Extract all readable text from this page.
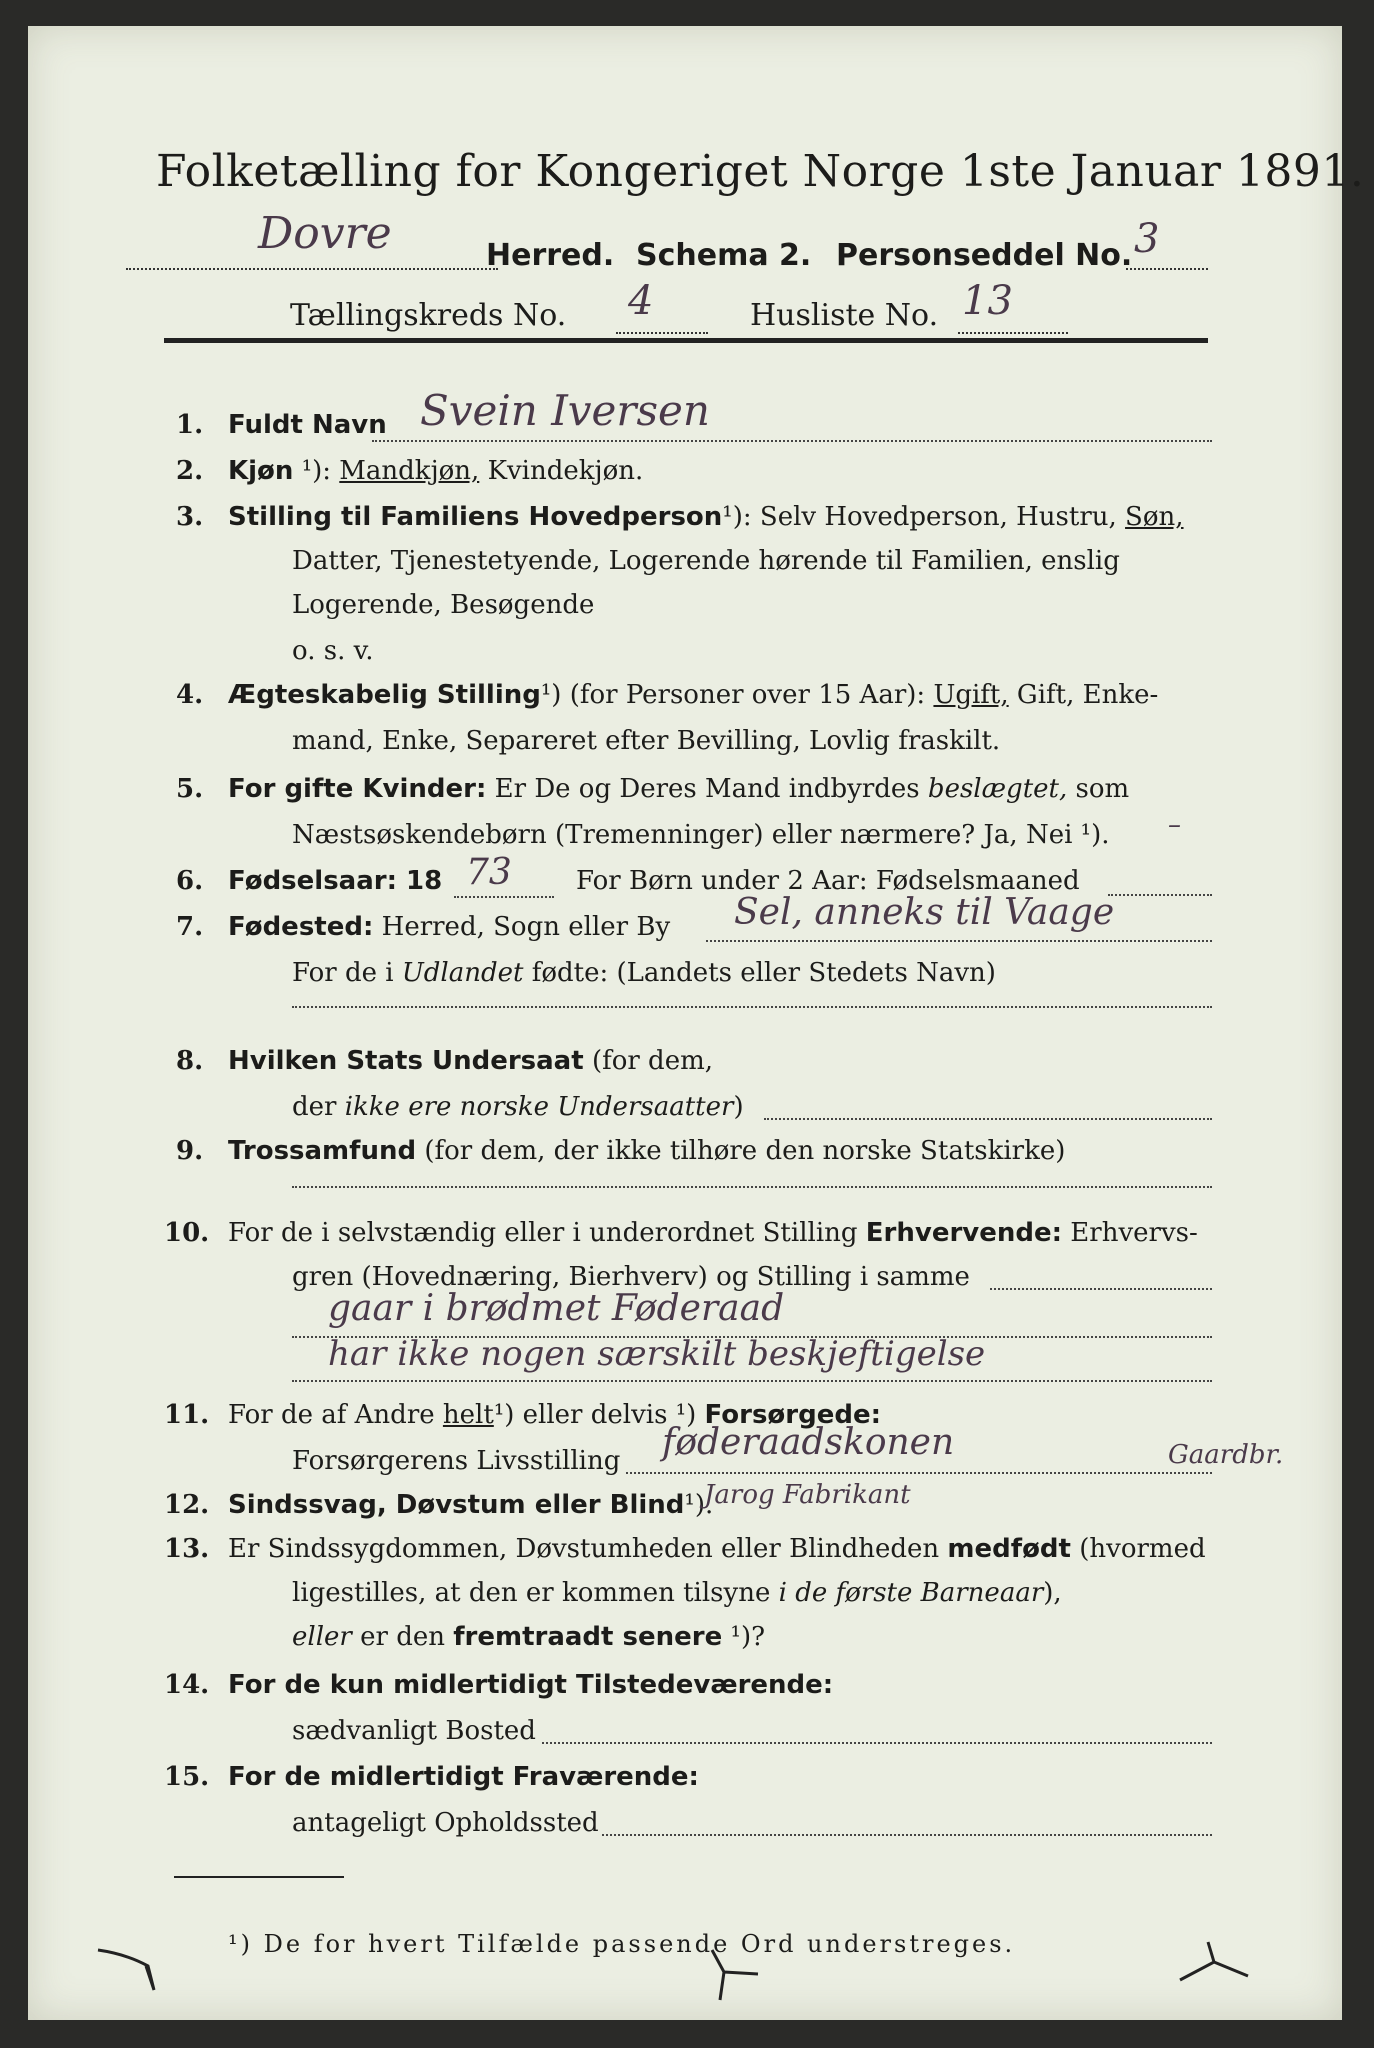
Folketælling for Kongeriget Norge 1ste Januar 1891.
Dovre	Herred. Schema 2. Personseddel No. 3
Tællingskreds No. 4	Husliste No. 13
1. Fuldt Navn Svein Iversen
2. Kjøn ¹): Mandkjøn, Kvindekjøn.
3. Stilling til Familiens Hovedperson¹): Selv Hovedperson, Hustru, Søn,
Datter, Tjenestetyende, Logerende hørende til Familien, enslig
Logerende, Besøgende
o. s. v.
4. Ægteskabelig Stilling¹) (for Personer over 15 Aar): Ugift, Gift, Enke-
mand, Enke, Separeret efter Bevilling, Lovlig fraskilt.
5. For gifte Kvinder: Er De og Deres Mand indbyrdes beslægtet, som
Næstsøskendebørn (Tremenninger) eller nærmere? Ja, Nei ¹). –
6. Fødselsaar: 18 73 For Børn under 2 Aar: Fødselsmaaned
7. Fødested: Herred, Sogn eller By Sel, anneks til Vaage
For de i Udlandet fødte: (Landets eller Stedets Navn)
8. Hvilken Stats Undersaat (for dem,
der ikke ere norske Undersaatter)
9. Trossamfund (for dem, der ikke tilhøre den norske Statskirke)
10. For de i selvstændig eller i underordnet Stilling Erhvervende: Erhvervs-
gren (Hovednæring, Bierhverv) og Stilling i samme
gaar i brødmet Føderaad
har ikke nogen særskilt beskjeftigelse
11. For de af Andre helt¹) eller delvis ¹) Forsørgede:
Forsørgerens Livsstilling føderaadskonen	Gaardbr.
12. Sindssvag, Døvstum eller Blind¹).
Jarog Fabrikant
13. Er Sindssygdommen, Døvstumheden eller Blindheden medfødt (hvormed
ligestilles, at den er kommen tilsyne i de første Barneaar),
eller er den fremtraadt senere ¹)?
14. For de kun midlertidigt Tilstedeværende:
sædvanligt Bosted
15. For de midlertidigt Fraværende:
antageligt Opholdssted
¹) De for hvert Tilfælde passende Ord understreges.
